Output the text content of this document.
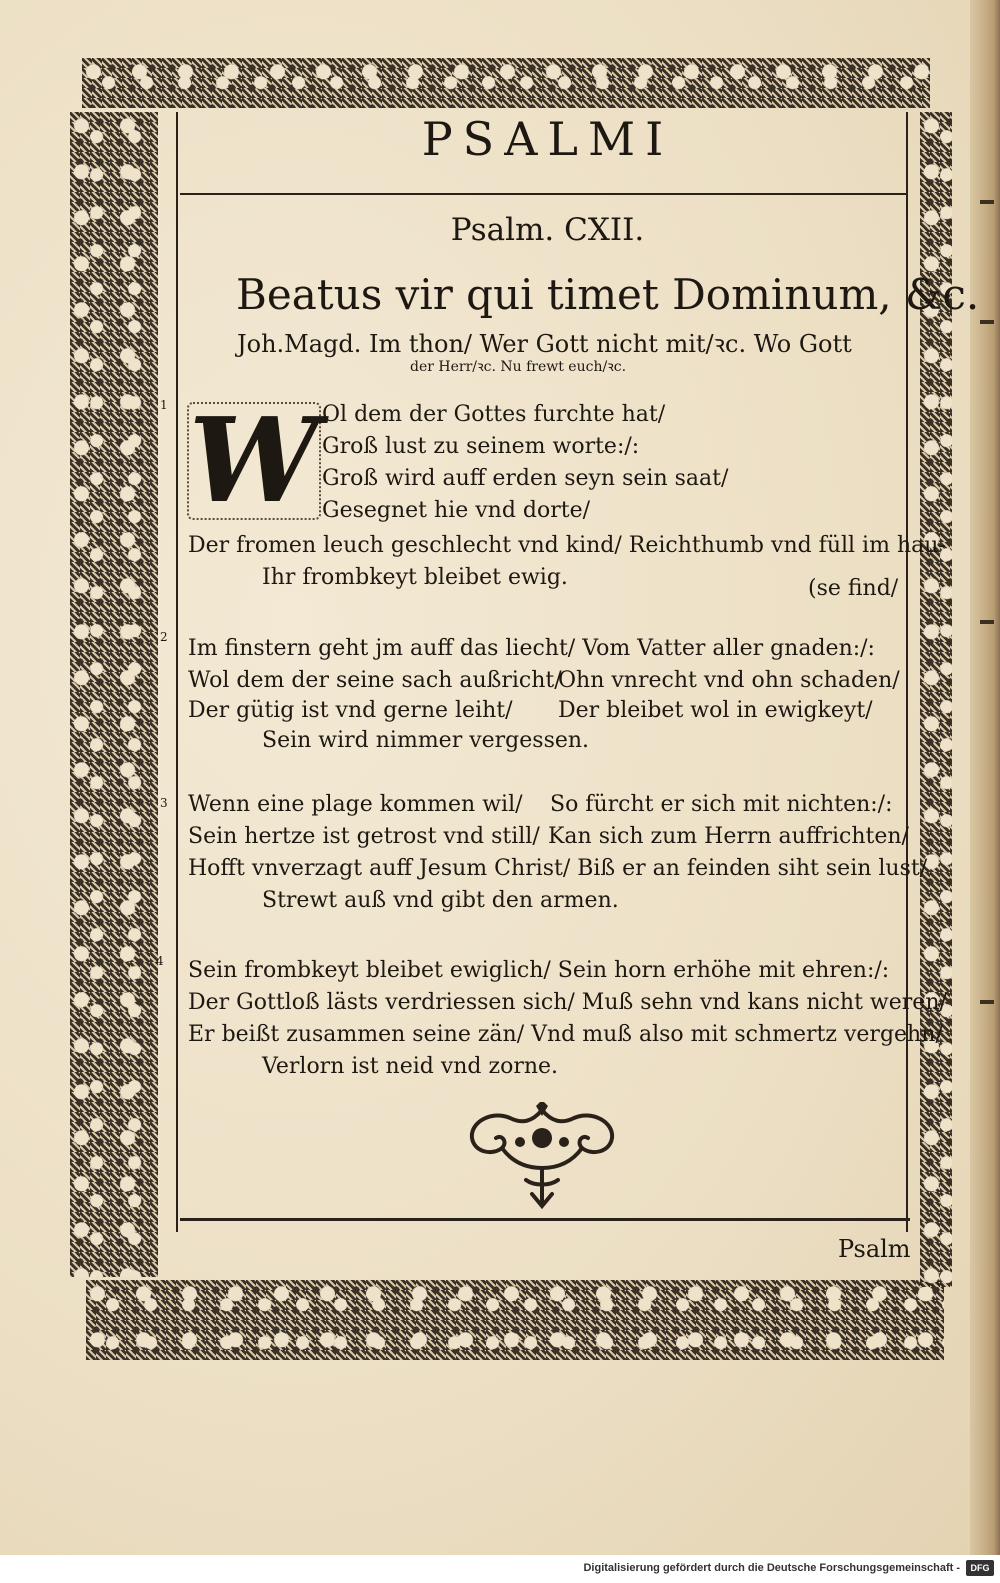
PSALMI
Psalm. CXII.
Beatus vir qui timet Dominum, &c.
Joh.Magd. Im thon/ Wer Gott nicht mit/ꝛc. Wo Gott
der Herr/ꝛc. Nu frewt euch/ꝛc.
W
1	Ol dem der Gottes furchte hat/
Groß lust zu seinem worte:/:
Groß wird auff erden seyn sein saat/
Gesegnet hie vnd dorte/
Der fromen leuch geschlecht vnd kind/ Reichthumb vnd füll im hau-
Ihr frombkeyt bleibet ewig.	(se find/
2 Im finstern geht jm auff das liecht/ Vom Vatter aller gnaden:/:
Wol dem der seine sach außricht/
Ohn vnrecht vnd ohn schaden/
Der gütig ist vnd gerne leiht/ Der bleibet wol in ewigkeyt/
Sein wird nimmer vergessen.
3 Wenn eine plage kommen wil/ So fürcht er sich mit nichten:/:
Sein hertze ist getrost vnd still/ Kan sich zum Herrn auffrichten/
Hofft vnverzagt auff Jesum Christ/ Biß er an feinden siht sein lust/
Strewt auß vnd gibt den armen.
4 Sein frombkeyt bleibet ewiglich/ Sein horn erhöhe mit ehren:/:
Der Gottloß lästs verdriessen sich/ Muß sehn vnd kans nicht weren/
Er beißt zusammen seine zän/ Vnd muß also mit schmertz vergehn/
Verlorn ist neid vnd zorne.
Psalm
Digitalisierung gefördert durch die Deutsche Forschungsgemeinschaft -	DFG
